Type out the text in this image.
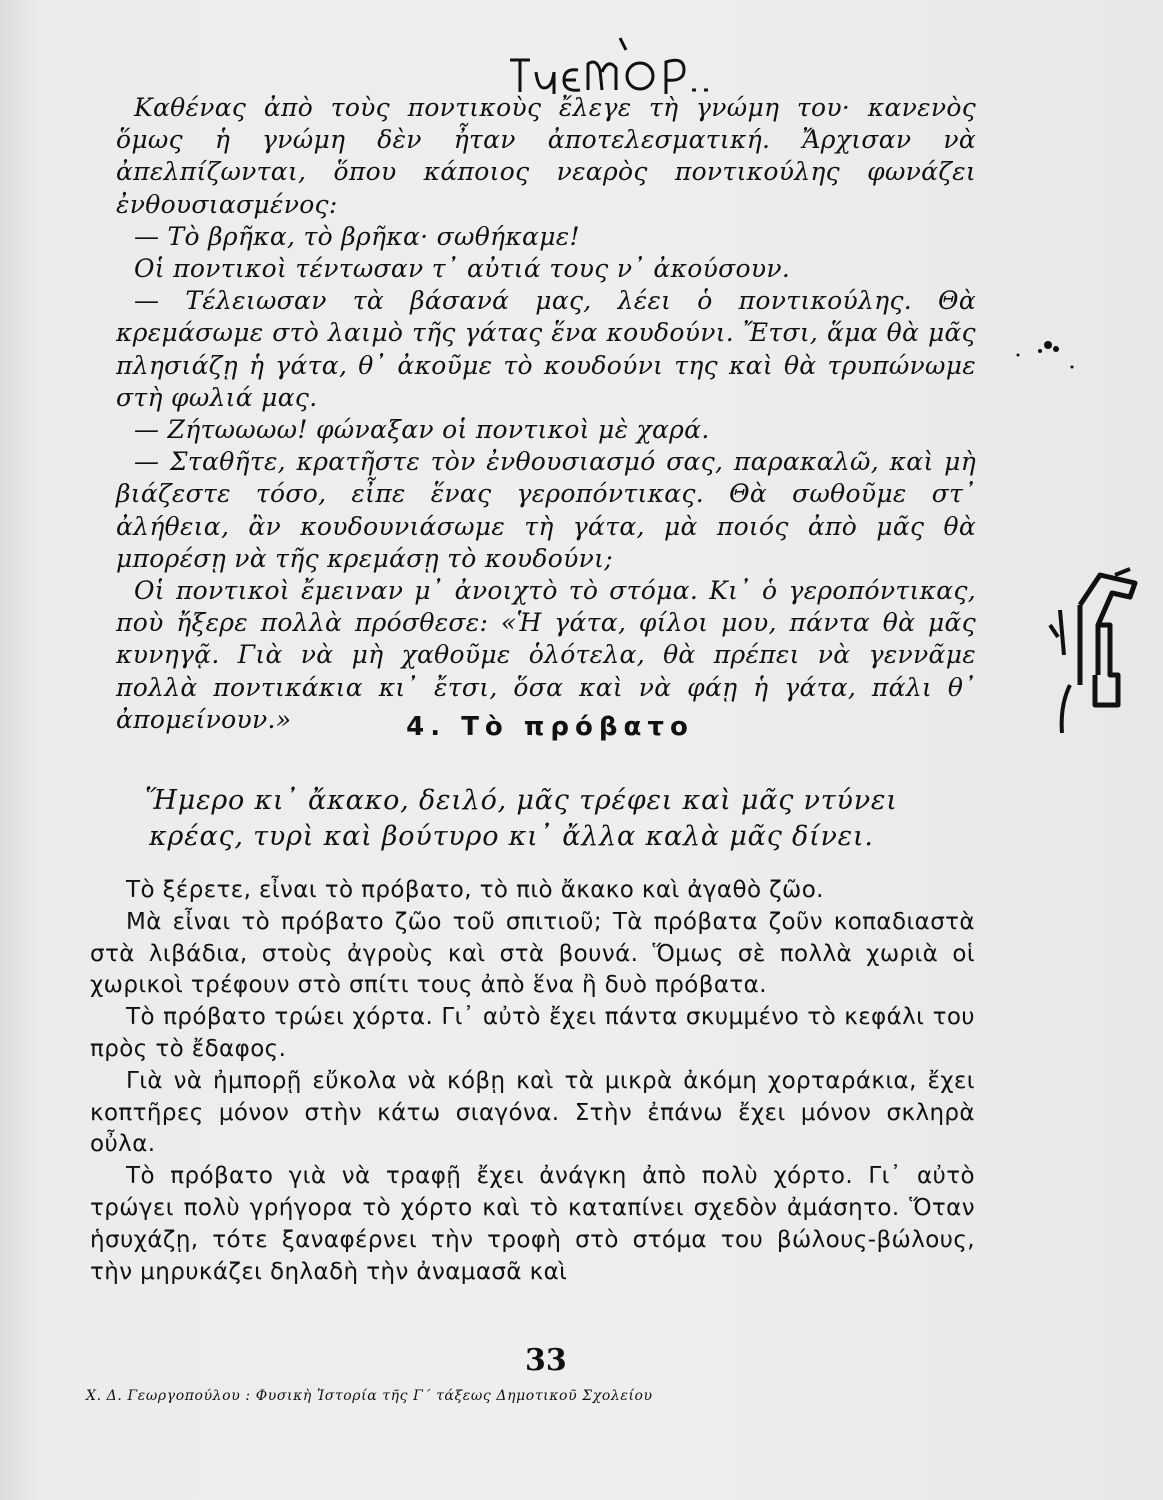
Καθένας ἀπὸ τοὺς ποντικοὺς ἔλεγε τὴ γνώμη του· κανενὸς ὅμως ἡ γνώμη δὲν ἦταν ἀποτελεσματική. Ἄρχισαν νὰ ἀπελπίζωνται, ὅπου κάποιος νεαρὸς ποντικούλης φωνάζει ἐνθουσιασμένος:

— Τὸ βρῆκα, τὸ βρῆκα· σωθήκαμε!

Οἱ ποντικοὶ τέντωσαν τ᾽ αὐτιά τους ν᾽ ἀκούσουν.

— Τέλειωσαν τὰ βάσανά μας, λέει ὁ ποντικούλης. Θὰ κρεμάσωμε στὸ λαιμὸ τῆς γάτας ἕνα κουδούνι. Ἔτσι, ἅμα θὰ μᾶς πλησιάζῃ ἡ γάτα, θ᾽ ἀκοῦμε τὸ κουδούνι της καὶ θὰ τρυπώνωμε στὴ φωλιά μας.

— Ζήτωωωω! φώναξαν οἱ ποντικοὶ μὲ χαρά.

— Σταθῆτε, κρατῆστε τὸν ἐνθουσιασμό σας, παρακαλῶ, καὶ μὴ βιάζεστε τόσο, εἶπε ἕνας γεροπόντικας. Θὰ σωθοῦμε στ᾽ ἀλήθεια, ἂν κουδουνιάσωμε τὴ γάτα, μὰ ποιός ἀπὸ μᾶς θὰ μπορέσῃ νὰ τῆς κρεμάσῃ τὸ κουδούνι;

Οἱ ποντικοὶ ἔμειναν μ᾽ ἀνοιχτὸ τὸ στόμα. Κι᾽ ὁ γεροπόντικας, ποὺ ἤξερε πολλὰ πρόσθεσε: «Ἡ γάτα, φίλοι μου, πάντα θὰ μᾶς κυνηγᾷ. Γιὰ νὰ μὴ χαθοῦμε ὁλότελα, θὰ πρέπει νὰ γεννᾶμε πολλὰ ποντικάκια κι᾽ ἔτσι, ὅσα καὶ νὰ φάῃ ἡ γάτα, πάλι θ᾽ ἀπομείνουν.»	4. Τὸ πρόβατο

Ἥμερο κι᾽ ἄκακο, δειλό, μᾶς τρέφει καὶ μᾶς ντύνει

κρέας, τυρὶ καὶ βούτυρο κι᾽ ἄλλα καλὰ μᾶς δίνει.

Τὸ ξέρετε, εἶναι τὸ πρόβατο, τὸ πιὸ ἄκακο καὶ ἀγαθὸ ζῶο.

Μὰ εἶναι τὸ πρόβατο ζῶο τοῦ σπιτιοῦ; Τὰ πρόβατα ζοῦν κοπαδιαστὰ στὰ λιβάδια, στοὺς ἀγροὺς καὶ στὰ βουνά. Ὅμως σὲ πολλὰ χωριὰ οἱ χωρικοὶ τρέφουν στὸ σπίτι τους ἀπὸ ἕνα ἢ δυὸ πρόβατα.

Τὸ πρόβατο τρώει χόρτα. Γι᾽ αὐτὸ ἔχει πάντα σκυμμένο τὸ κεφάλι του πρὸς τὸ ἔδαφος.

Γιὰ νὰ ἠμπορῇ εὔκολα νὰ κόβῃ καὶ τὰ μικρὰ ἀκόμη χορταράκια, ἔχει κοπτῆρες μόνον στὴν κάτω σιαγόνα. Στὴν ἐπάνω ἔχει μόνον σκληρὰ οὖλα.

Τὸ πρόβατο γιὰ νὰ τραφῇ ἔχει ἀνάγκη ἀπὸ πολὺ χόρτο. Γι᾽ αὐτὸ τρώγει πολὺ γρήγορα τὸ χόρτο καὶ τὸ καταπίνει σχεδὸν ἀμάσητο. Ὅταν ἡσυχάζῃ, τότε ξαναφέρνει τὴν τροφὴ στὸ στόμα του βώλους-βώλους, τὴν μηρυκάζει δηλαδὴ τὴν ἀναμασᾶ καὶ

33
Χ. Δ. Γεωργοπούλου : Φυσικὴ Ἱστορία τῆς Γ΄ τάξεως Δημοτικοῦ Σχολείου
